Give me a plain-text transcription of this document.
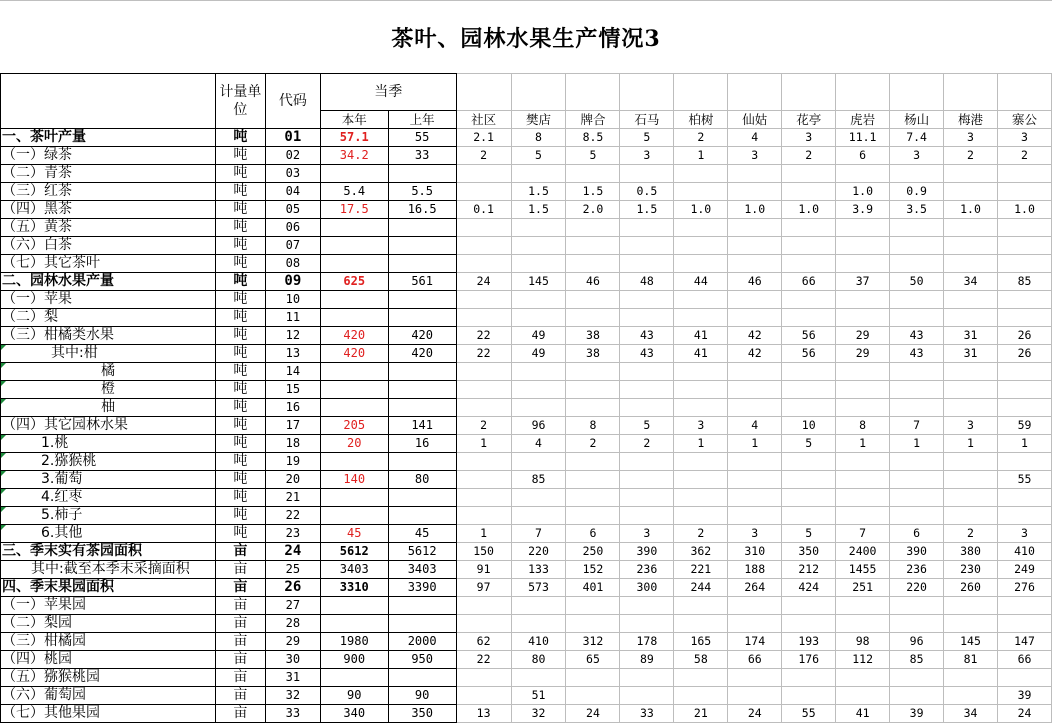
茶叶、园林水果生产情况3
	计量单位	代码	当季												
			本年	上年	社区	樊店	牌合	石马	柏树	仙姑	花亭	虎岩	杨山	梅港	寨公
一、茶叶产量	吨	01	57.1	55	2.1	8	8.5	5	2	4	3	11.1	7.4	3	3
（一）绿茶	吨	02	34.2	33	2	5	5	3	1	3	2	6	3	2	2
（二）青茶	吨	03													
（三）红茶	吨	04	5.4	5.5		1.5	1.5	0.5				1.0	0.9		
（四）黑茶	吨	05	17.5	16.5	0.1	1.5	2.0	1.5	1.0	1.0	1.0	3.9	3.5	1.0	1.0
（五）黄茶	吨	06													
（六）白茶	吨	07													
（七）其它茶叶	吨	08													
二、园林水果产量	吨	09	625	561	24	145	46	48	44	46	66	37	50	34	85
（一）苹果	吨	10													
（二）梨	吨	11													
（三）柑橘类水果	吨	12	420	420	22	49	38	43	41	42	56	29	43	31	26
其中:柑	吨	13	420	420	22	49	38	43	41	42	56	29	43	31	26
橘	吨	14													
橙	吨	15													
柚	吨	16													
（四）其它园林水果	吨	17	205	141	2	96	8	5	3	4	10	8	7	3	59
1.桃	吨	18	20	16	1	4	2	2	1	1	5	1	1	1	1
2.猕猴桃	吨	19													
3.葡萄	吨	20	140	80		85									55
4.红枣	吨	21													
5.柿子	吨	22													
6.其他	吨	23	45	45	1	7	6	3	2	3	5	7	6	2	3
三、季末实有茶园面积	亩	24	5612	5612	150	220	250	390	362	310	350	2400	390	380	410
其中:截至本季末采摘面积	亩	25	3403	3403	91	133	152	236	221	188	212	1455	236	230	249
四、季末果园面积	亩	26	3310	3390	97	573	401	300	244	264	424	251	220	260	276
（一）苹果园	亩	27													
（二）梨园	亩	28													
（三）柑橘园	亩	29	1980	2000	62	410	312	178	165	174	193	98	96	145	147
（四）桃园	亩	30	900	950	22	80	65	89	58	66	176	112	85	81	66
（五）猕猴桃园	亩	31													
（六）葡萄园	亩	32	90	90		51									39
（七）其他果园	亩	33	340	350	13	32	24	33	21	24	55	41	39	34	24
